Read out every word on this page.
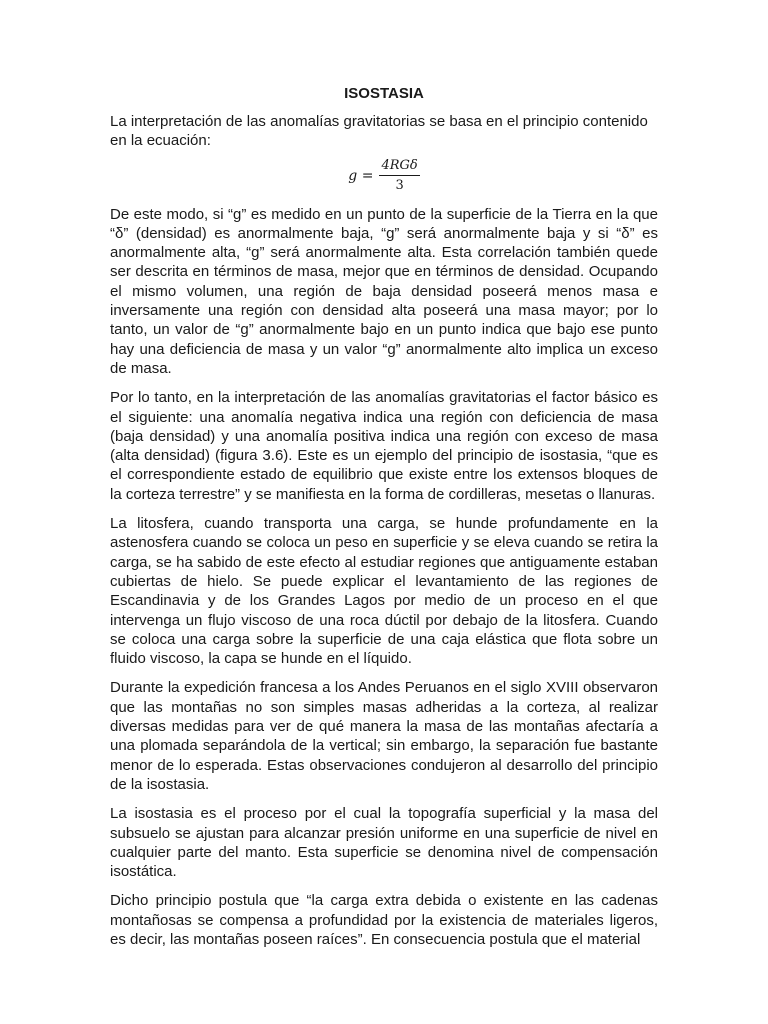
ISOSTASIA

La interpretación de las anomalías gravitatorias se basa en el principio contenido en la ecuación:

$g = \frac{\text{4RGδ}}{3}$

De este modo, si “g” es medido en un punto de la superficie de la Tierra en la que “δ” (densidad) es anormalmente baja, “g” será anormalmente baja y si “δ” es anormalmente alta, “g” será anormalmente alta. Esta correlación también quede ser descrita en términos de masa, mejor que en términos de densidad. Ocupando el mismo volumen, una región de baja densidad poseerá menos masa e inversamente una región con densidad alta poseerá una masa mayor; por lo tanto, un valor de “g” anormalmente bajo en un punto indica que bajo ese punto hay una deficiencia de masa y un valor “g” anormalmente alto implica un exceso de masa.

Por lo tanto, en la interpretación de las anomalías gravitatorias el factor básico es el siguiente: una anomalía negativa indica una región con deficiencia de masa (baja densidad) y una anomalía positiva indica una región con exceso de masa (alta densidad) (figura 3.6). Este es un ejemplo del principio de isostasia, “que es el correspondiente estado de equilibrio que existe entre los extensos bloques de la corteza terrestre” y se manifiesta en la forma de cordilleras, mesetas o llanuras.

La litosfera, cuando transporta una carga, se hunde profundamente en la astenosfera cuando se coloca un peso en superficie y se eleva cuando se retira la carga, se ha sabido de este efecto al estudiar regiones que antiguamente estaban cubiertas de hielo. Se puede explicar el levantamiento de las regiones de Escandinavia y de los Grandes Lagos por medio de un proceso en el que intervenga un flujo viscoso de una roca dúctil por debajo de la litosfera. Cuando se coloca una carga sobre la superficie de una caja elástica que flota sobre un fluido viscoso, la capa se hunde en el líquido.

Durante la expedición francesa a los Andes Peruanos en el siglo XVIII observaron que las montañas no son simples masas adheridas a la corteza, al realizar diversas medidas para ver de qué manera la masa de las montañas afectaría a una plomada separándola de la vertical; sin embargo, la separación fue bastante menor de lo esperada. Estas observaciones condujeron al desarrollo del principio de la isostasia.

La isostasia es el proceso por el cual la topografía superficial y la masa del subsuelo se ajustan para alcanzar presión uniforme en una superficie de nivel en cualquier parte del manto. Esta superficie se denomina nivel de compensación isostática.

Dicho principio postula que “la carga extra debida o existente en las cadenas montañosas se compensa a profundidad por la existencia de materiales ligeros, es decir, las montañas poseen raíces”. En consecuencia postula que el material
